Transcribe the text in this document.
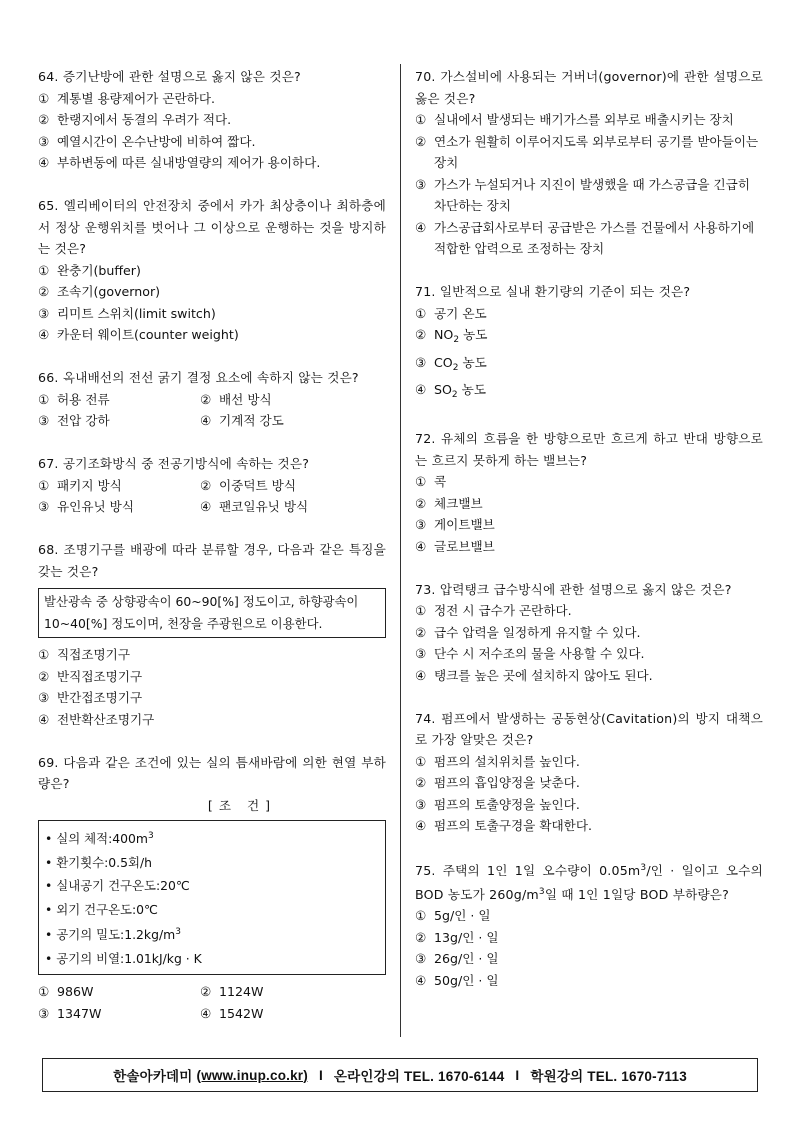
64. 증기난방에 관한 설명으로 옳지 않은 것은?
① 계통별 용량제어가 곤란하다.
② 한랭지에서 동결의 우려가 적다.
③ 예열시간이 온수난방에 비하여 짧다.
④ 부하변동에 따른 실내방열량의 제어가 용이하다.
65. 엘리베이터의 안전장치 중에서 카가 최상층이나 최하층에서 정상 운행위치를 벗어나 그 이상으로 운행하는 것을 방지하는 것은?
① 완충기(buffer)
② 조속기(governor)
③ 리미트 스위치(limit switch)
④ 카운터 웨이트(counter weight)
66. 옥내배선의 전선 굵기 결정 요소에 속하지 않는 것은?
① 허용 전류	② 배선 방식
③ 전압 강하	④ 기계적 강도
67. 공기조화방식 중 전공기방식에 속하는 것은?
① 패키지 방식	② 이중덕트 방식
③ 유인유닛 방식	④ 팬코일유닛 방식
68. 조명기구를 배광에 따라 분류할 경우, 다음과 같은 특징을 갖는 것은?
발산광속 중 상향광속이 60~90[%] 정도이고, 하향광속이 10~40[%] 정도이며, 천장을 주광원으로 이용한다.
① 직접조명기구
② 반직접조명기구
③ 반간접조명기구
④ 전반확산조명기구
69. 다음과 같은 조건에 있는 실의 틈새바람에 의한 현열 부하량은?
[조 건]
• 실의 체적$:400m^3$
• 환기횟수:0.5회/h
• 실내공기 건구온도:20℃
• 외기 건구온도:0℃
• 공기의 밀도$:1.2kg/m^3$
• 공기의 비열:1.01kJ/kg · K
① 986W	② 1124W
③ 1347W	④ 1542W
70. 가스설비에 사용되는 거버너(governor)에 관한 설명으로 옳은 것은?
① 실내에서 발생되는 배기가스를 외부로 배출시키는 장치
② 연소가 원활히 이루어지도록 외부로부터 공기를 받아들이는 장치
③ 가스가 누설되거나 지진이 발생했을 때 가스공급을 긴급히 차단하는 장치
④ 가스공급회사로부터 공급받은 가스를 건물에서 사용하기에 적합한 압력으로 조정하는 장치
71. 일반적으로 실내 환기량의 기준이 되는 것은?
① 공기 온도
② $NO_2$ 농도
③ $CO_2$ 농도
④ $SO_2$ 농도
72. 유체의 흐름을 한 방향으로만 흐르게 하고 반대 방향으로는 흐르지 못하게 하는 밸브는?
① 콕
② 체크밸브
③ 게이트밸브
④ 글로브밸브
73. 압력탱크 급수방식에 관한 설명으로 옳지 않은 것은?
① 정전 시 급수가 곤란하다.
② 급수 압력을 일정하게 유지할 수 있다.
③ 단수 시 저수조의 물을 사용할 수 있다.
④ 탱크를 높은 곳에 설치하지 않아도 된다.
74. 펌프에서 발생하는 공동현상(Cavitation)의 방지 대책으로 가장 알맞은 것은?
① 펌프의 설치위치를 높인다.
② 펌프의 흡입양정을 낮춘다.
③ 펌프의 토출양정을 높인다.
④ 펌프의 토출구경을 확대한다.
75. 주택의 1인 1일 오수량이 $0.05m^3/$인 · 일이고 오수의 BOD 농도가 $260g/m^3$일 때 1인 1일당 BOD 부하량은?
① 5g/인 · 일
② 13g/인 · 일
③ 26g/인 · 일
④ 50g/인 · 일
한솔아카데미
(www.inup.co.kr) I 온라인강의 TEL. 1670-6144 I 학원강의 TEL. 1670-7113
